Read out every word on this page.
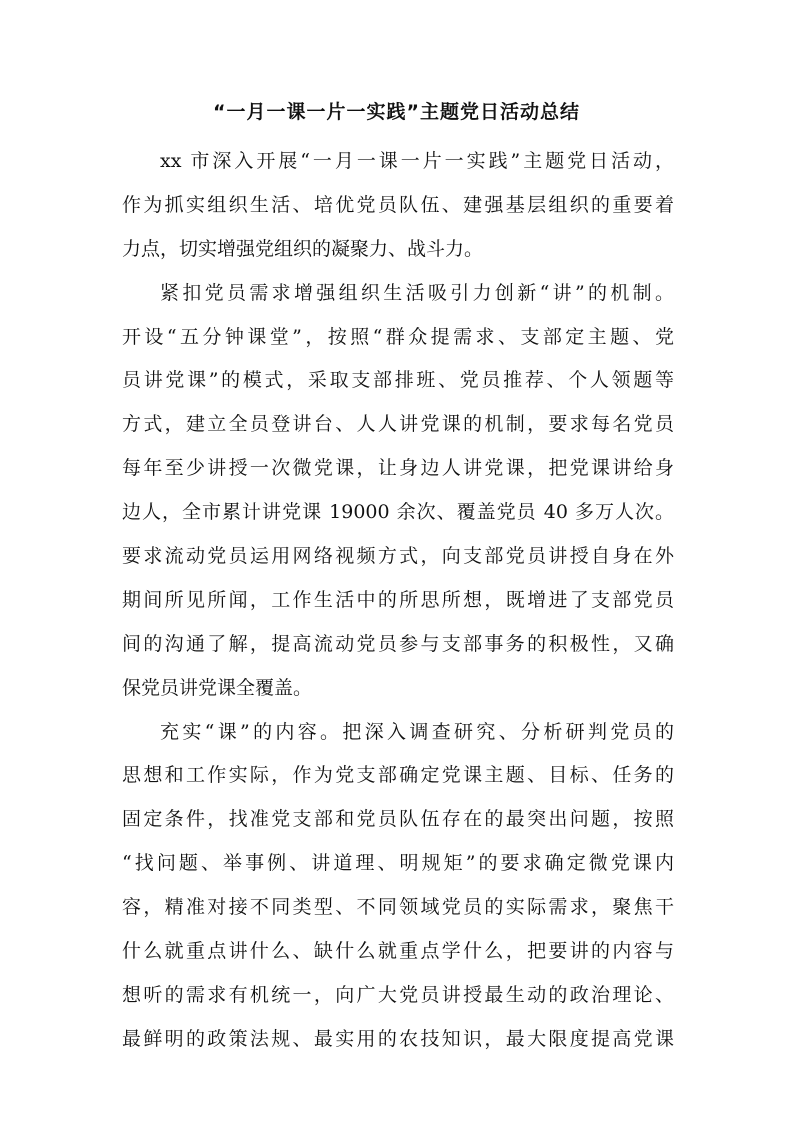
“一月一课一片一实践”主题党日活动总结
xx 市深入开展“一月一课一片一实践”主题党日活动，
作为抓实组织生活、培优党员队伍、建强基层组织的重要着
力点，切实增强党组织的凝聚力、战斗力。
紧扣党员需求增强组织生活吸引力创新“讲”的机制。
开设“五分钟课堂”，按照“群众提需求、支部定主题、党
员讲党课”的模式，采取支部排班、党员推荐、个人领题等
方式，建立全员登讲台、人人讲党课的机制，要求每名党员
每年至少讲授一次微党课，让身边人讲党课，把党课讲给身
边人，全市累计讲党课 19000 余次、覆盖党员 40 多万人次。
要求流动党员运用网络视频方式，向支部党员讲授自身在外
期间所见所闻，工作生活中的所思所想，既增进了支部党员
间的沟通了解，提高流动党员参与支部事务的积极性，又确
保党员讲党课全覆盖。
充实“课”的内容。把深入调查研究、分析研判党员的
思想和工作实际，作为党支部确定党课主题、目标、任务的
固定条件，找准党支部和党员队伍存在的最突出问题，按照
“找问题、举事例、讲道理、明规矩”的要求确定微党课内
容，精准对接不同类型、不同领域党员的实际需求，聚焦干
什么就重点讲什么、缺什么就重点学什么，把要讲的内容与
想听的需求有机统一，向广大党员讲授最生动的政治理论、
最鲜明的政策法规、最实用的农技知识，最大限度提高党课
